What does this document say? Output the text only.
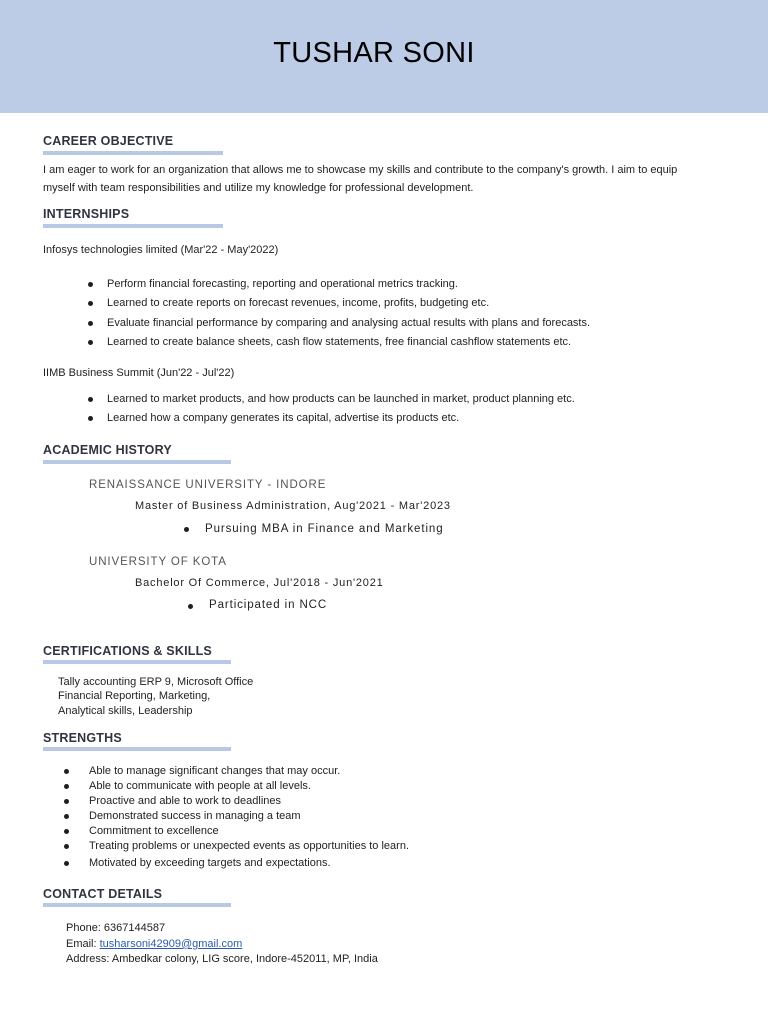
TUSHAR SONI
CAREER OBJECTIVE
I am eager to work for an organization that allows me to showcase my skills and contribute to the company's growth. I aim to equip
myself with team responsibilities and utilize my knowledge for professional development.
INTERNSHIPS
Infosys technologies limited (Mar'22 - May'2022)
Perform financial forecasting, reporting and operational metrics tracking.
Learned to create reports on forecast revenues, income, profits, budgeting etc.
Evaluate financial performance by comparing and analysing actual results with plans and forecasts.
Learned to create balance sheets, cash flow statements, free financial cashflow statements etc.
IIMB Business Summit (Jun'22 - Jul'22)
Learned to market products, and how products can be launched in market, product planning etc.
Learned how a company generates its capital, advertise its products etc.
ACADEMIC HISTORY
RENAISSANCE UNIVERSITY - INDORE
Master of Business Administration, Aug'2021 - Mar'2023
Pursuing MBA in Finance and Marketing
UNIVERSITY OF KOTA
Bachelor Of Commerce, Jul'2018 - Jun'2021
Participated in NCC
CERTIFICATIONS & SKILLS
Tally accounting ERP 9, Microsoft Office
Financial Reporting, Marketing,
Analytical skills, Leadership
STRENGTHS
Able to manage significant changes that may occur.
Able to communicate with people at all levels.
Proactive and able to work to deadlines
Demonstrated success in managing a team
Commitment to excellence
Treating problems or unexpected events as opportunities to learn.
Motivated by exceeding targets and expectations.
CONTACT DETAILS
Phone: 6367144587
Email: tusharsoni42909@gmail.com
Address: Ambedkar colony, LIG score, Indore-452011, MP, India
